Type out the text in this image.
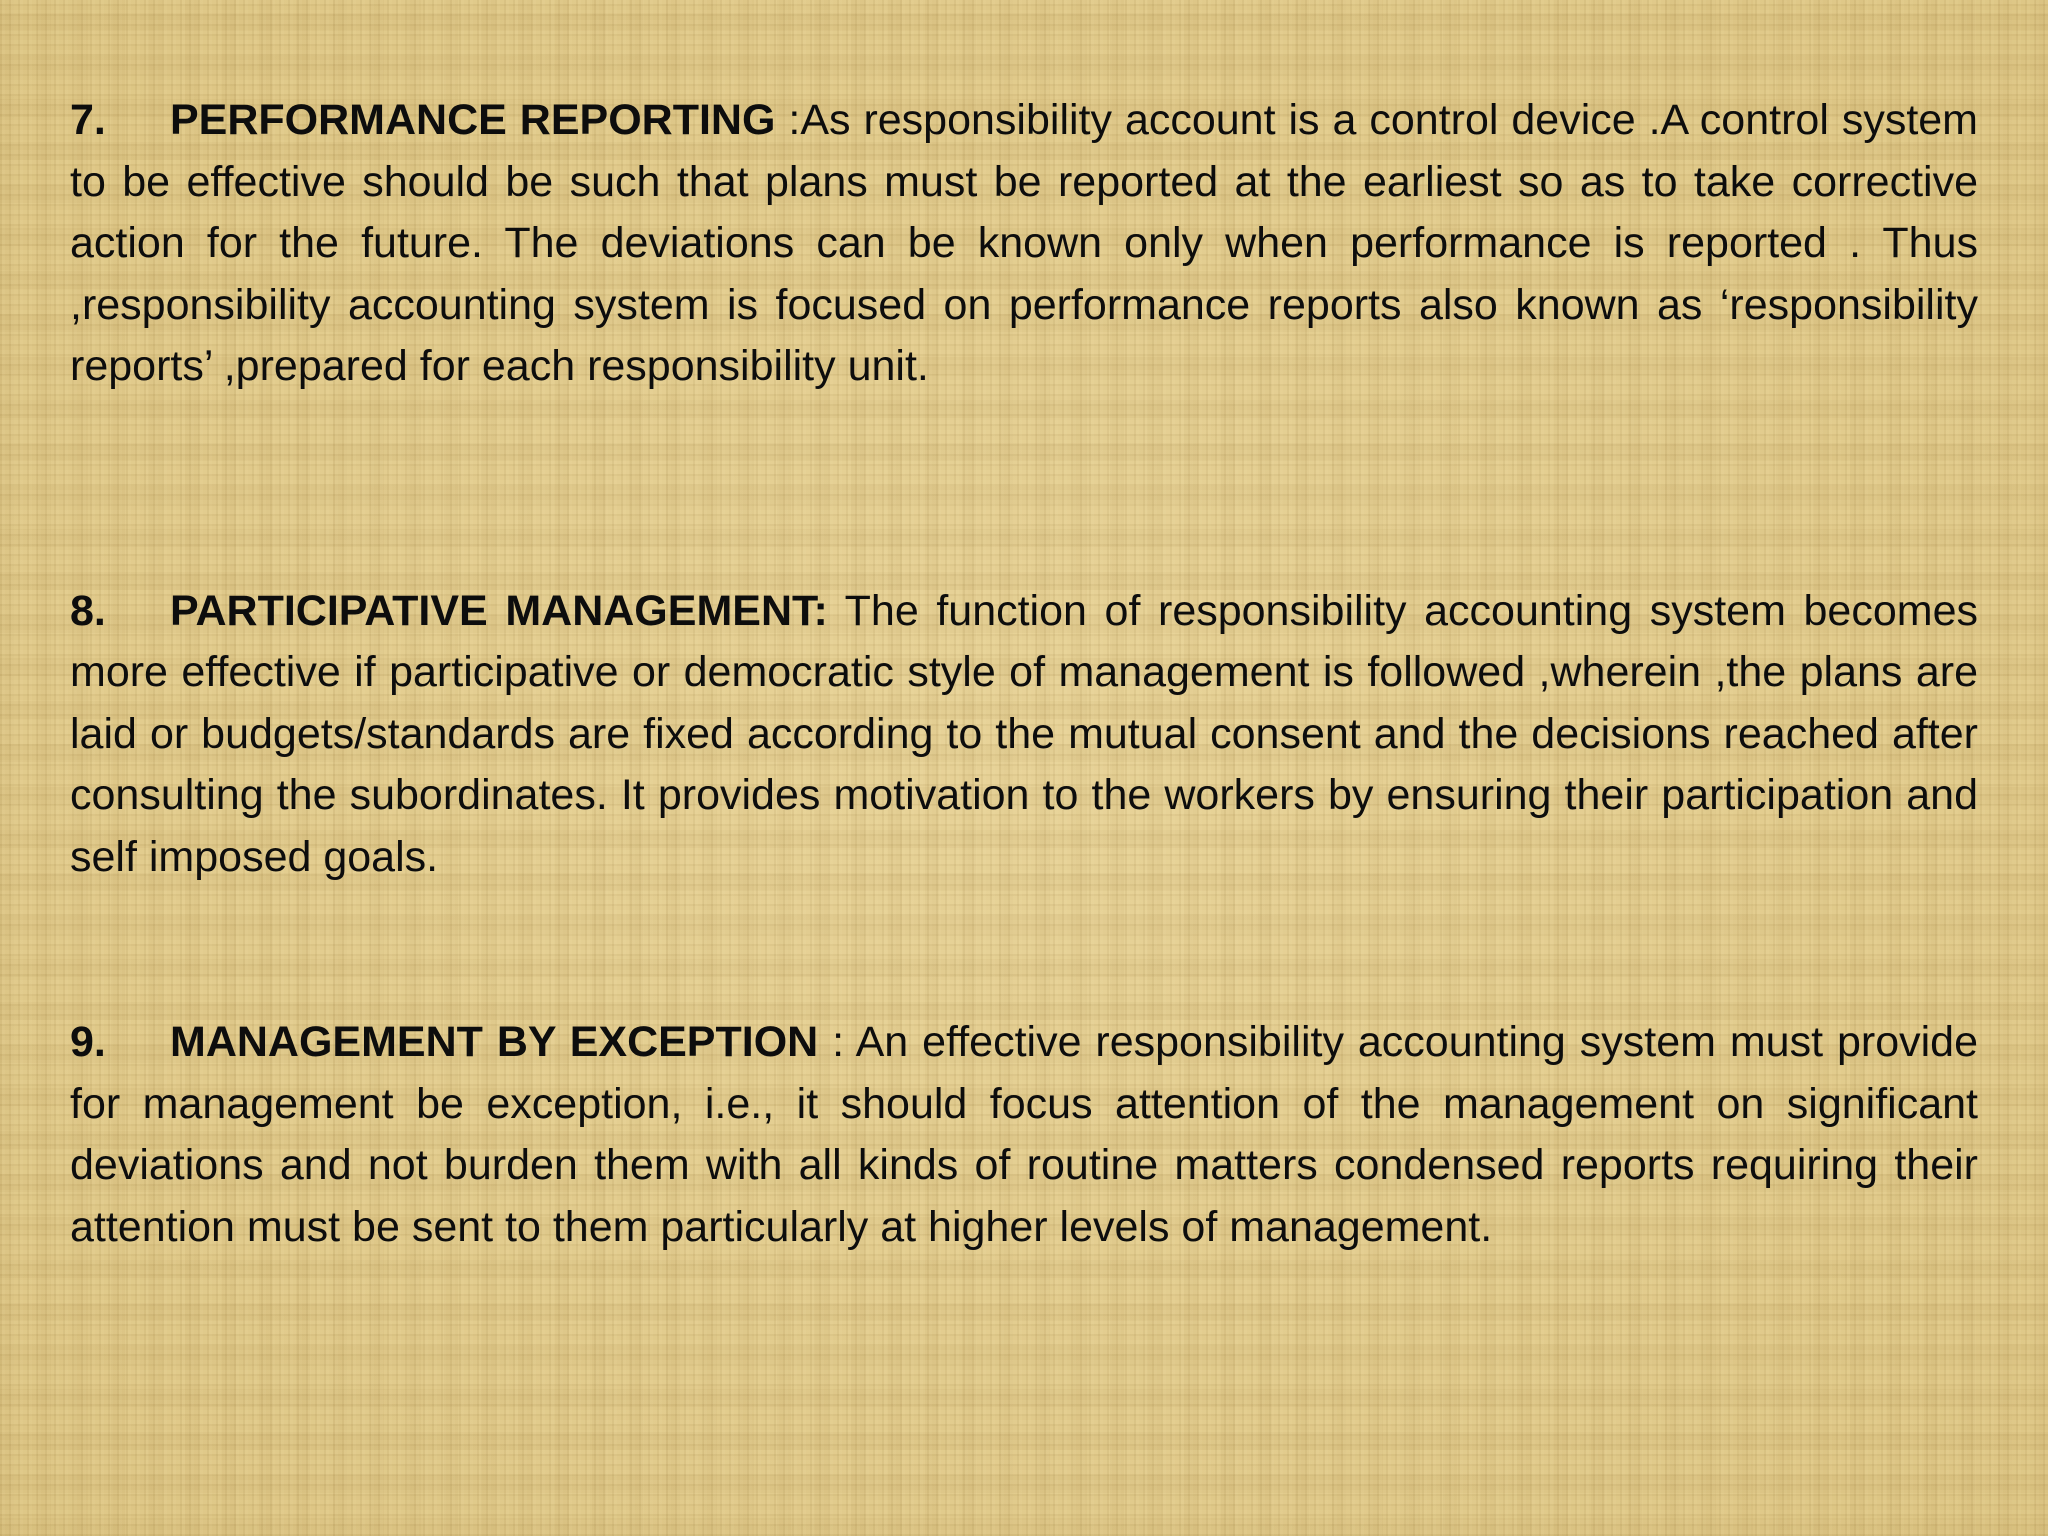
7. PERFORMANCE REPORTING :As responsibility account is a control device .A control system to be effective should be such that plans must be reported at the earliest so as to take corrective action for the future. The deviations can be known only when performance is reported . Thus ,responsibility accounting system is focused on performance reports also known as ‘responsibility reports’ ,prepared for each responsibility unit.

8. PARTICIPATIVE MANAGEMENT: The function of responsibility accounting system becomes more effective if participative or democratic style of management is followed ,wherein ,the plans are laid or budgets/standards are fixed according to the mutual consent and the decisions reached after consulting the subordinates. It provides motivation to the workers by ensuring their participation and self imposed goals.

9. MANAGEMENT BY EXCEPTION : An effective responsibility accounting system must provide for management be exception, i.e., it should focus attention of the management on significant deviations and not burden them with all kinds of routine matters condensed reports requiring their attention must be sent to them particularly at higher levels of management.
